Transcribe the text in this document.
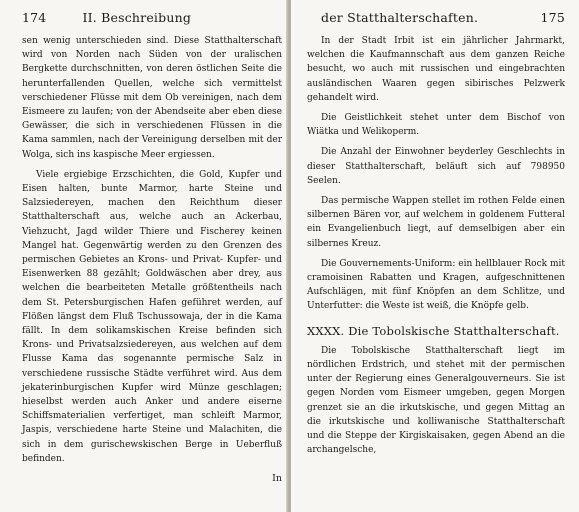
174	II. Beschreibung

sen wenig unterschieden sind. Diese Statthalterschaft wird von Norden nach Süden von der uralischen Bergkette durchschnitten, von deren östlichen Seite die herunterfallenden Quellen, welche sich vermittelst verschiedener Flüsse mit dem Ob vereinigen, nach dem Eismeere zu laufen; von der Abendseite aber eben diese Gewässer, die sich in verschiedenen Flüssen in die Kama sammlen, nach der Vereinigung derselben mit der Wolga, sich ins kaspische Meer ergiessen.

Viele ergiebige Erzschichten, die Gold, Kupfer und Eisen halten, bunte Marmor, harte Steine und Salzsiedereyen, machen den Reichthum dieser Statthalterschaft aus, welche auch an Ackerbau, Viehzucht, Jagd wilder Thiere und Fischerey keinen Mangel hat. Gegenwärtig werden zu den Grenzen des permischen Gebietes an Krons- und Privat- Kupfer- und Eisenwerken 88 gezählt; Goldwäschen aber drey, aus welchen die bearbeiteten Metalle größtentheils nach dem St. Petersburgischen Hafen geführet werden, auf Flößen längst dem Fluß Tschussowaja, der in die Kama fällt. In dem solikamskischen Kreise befinden sich Krons- und Privatsalzsiedereyen, aus welchen auf dem Flusse Kama das sogenannte permische Salz in verschiedene russische Städte verführet wird. Aus dem jekaterinburgischen Kupfer wird Münze geschlagen; hieselbst werden auch Anker und andere eiserne Schiffsmaterialien verfertiget, man schleift Marmor, Jaspis, verschiedene harte Steine und Malachiten, die sich in dem gurischewskischen Berge in Ueberfluß befinden.

In
der Statthalterschaften.	175

In der Stadt Irbit ist ein jährlicher Jahrmarkt, welchen die Kaufmannschaft aus dem ganzen Reiche besucht, wo auch mit russischen und eingebrachten ausländischen Waaren gegen sibirisches Pelzwerk gehandelt wird.

Die Geistlichkeit stehet unter dem Bischof von Wiätka und Welikoperm.

Die Anzahl der Einwohner beyderley Geschlechts in dieser Statthalterschaft, beläuft sich auf 798950 Seelen.

Das permische Wappen stellet im rothen Felde einen silbernen Bären vor, auf welchem in goldenem Futteral ein Evangelienbuch liegt, auf demselbigen aber ein silbernes Kreuz.

Die Gouvernements-Uniform: ein hellblauer Rock mit cramoisinen Rabatten und Kragen, aufgeschnittenen Aufschlägen, mit fünf Knöpfen an dem Schlitze, und Unterfutter: die Weste ist weiß, die Knöpfe gelb.

XXXX. Die Tobolskische Statthalterschaft.

Die Tobolskische Statthalterschaft liegt im nördlichen Erdstrich, und stehet mit der permischen unter der Regierung eines Generalgouverneurs. Sie ist gegen Norden vom Eismeer umgeben, gegen Morgen grenzet sie an die irkutskische, und gegen Mittag an die irkutskische und kolliwanische Statthalterschaft und die Steppe der Kirgiskaisaken, gegen Abend an die archangelsche,
